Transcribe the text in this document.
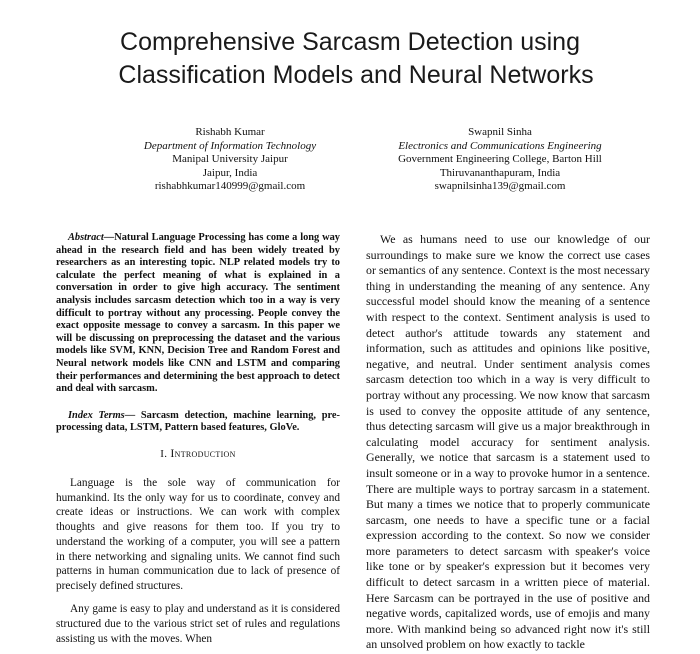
Comprehensive Sarcasm Detection using
Classification Models and Neural Networks
Rishabh Kumar
Department of Information Technology
Manipal University Jaipur
Jaipur, India
rishabhkumar140999@gmail.com
Swapnil Sinha
Electronics and Communications Engineering
Government Engineering College, Barton Hill
Thiruvananthapuram, India
swapnilsinha139@gmail.com

Abstract—Natural Language Processing has come a long way ahead in the research field and has been widely treated by researchers as an interesting topic. NLP related models try to calculate the perfect meaning of what is explained in a conversation in order to give high accuracy. The sentiment analysis includes sarcasm detection which too in a way is very difficult to portray without any processing. People convey the exact opposite message to convey a sarcasm. In this paper we will be discussing on preprocessing the dataset and the various models like SVM, KNN, Decision Tree and Random Forest and Neural network models like CNN and LSTM and comparing their performances and determining the best approach to detect and deal with sarcasm.

Index Terms— Sarcasm detection, machine learning, pre-processing data, LSTM, Pattern based features, GloVe.

I. Introduction

Language is the sole way of communication for humankind. Its the only way for us to coordinate, convey and create ideas or instructions. We can work with complex thoughts and give reasons for them too. If you try to understand the working of a computer, you will see a pattern in there networking and signaling units. We cannot find such patterns in human communication due to lack of presence of precisely defined structures.

Any game is easy to play and understand as it is considered structured due to the various strict set of rules and regulations assisting us with the moves. When

We as humans need to use our knowledge of our surroundings to make sure we know the correct use cases or semantics of any sentence. Context is the most necessary thing in understanding the meaning of any sentence. Any successful model should know the meaning of a sentence with respect to the context. Sentiment analysis is used to detect author's attitude towards any statement and information, such as attitudes and opinions like positive, negative, and neutral. Under sentiment analysis comes sarcasm detection too which in a way is very difficult to portray without any processing. We now know that sarcasm is used to convey the opposite attitude of any sentence, thus detecting sarcasm will give us a major breakthrough in calculating model accuracy for sentiment analysis. Generally, we notice that sarcasm is a statement used to insult someone or in a way to provoke humor in a sentence. There are multiple ways to portray sarcasm in a statement. But many a times we notice that to properly communicate sarcasm, one needs to have a specific tune or a facial expression according to the context. So now we consider more parameters to detect sarcasm with speaker's voice like tone or by speaker's expression but it becomes very difficult to detect sarcasm in a written piece of material. Here Sarcasm can be portrayed in the use of positive and negative words, capitalized words, use of emojis and many more. With mankind being so advanced right now it's still an unsolved problem on how exactly to tackle
